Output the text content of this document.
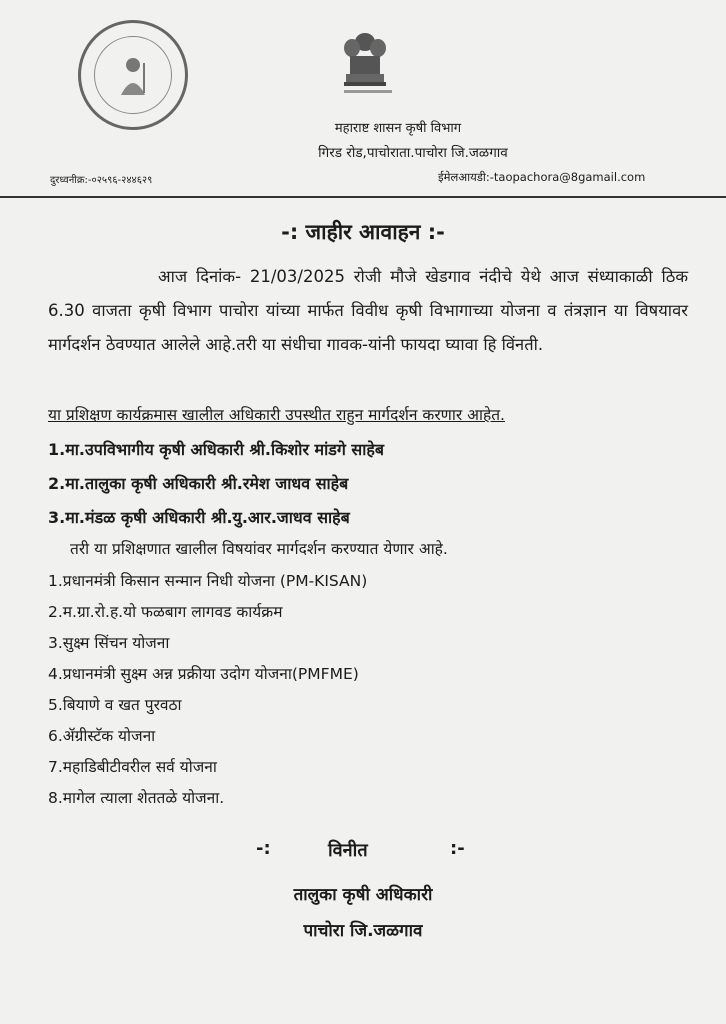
महाराष्ट शासन कृषी विभाग
गिरड रोड,पाचोराता.पाचोरा जि.जळगाव
दुरध्वनीक्र:-०२५९६-२४४६२९	ईमेलआयडी:-taopachora@8gamail.com
-: जाहीर आवाहन :-
आज दिनांक- 21/03/2025 रोजी मौजे खेडगाव नंदीचे येथे आज संध्याकाळी ठिक 6.30 वाजता कृषी विभाग पाचोरा यांच्या मार्फत विवीध कृषी विभागाच्या योजना व तंत्रज्ञान या विषयावर मार्गदर्शन ठेवण्यात आलेले आहे.तरी या संधीचा गावक-यांनी फायदा घ्यावा हि विंनती.
या प्रशिक्षण कार्यक्रमास खालील अधिकारी उपस्थीत राहुन मार्गदर्शन करणार आहेत.
1.मा.उपविभागीय कृषी अधिकारी श्री.किशोर मांडगे साहेब
2.मा.तालुका कृषी अधिकारी श्री.रमेश जाधव साहेब
3.मा.मंडळ कृषी अधिकारी श्री.यु.आर.जाधव साहेब
तरी या प्रशिक्षणात खालील विषयांवर मार्गदर्शन करण्यात येणार आहे.
1.प्रधानमंत्री किसान सन्मान निधी योजना (PM-KISAN)
2.म.ग्रा.रो.ह.यो फळबाग लागवड कार्यक्रम
3.सुक्ष्म सिंचन योजना
4.प्रधानमंत्री सुक्ष्म अन्न प्रक्रीया उदोग योजना(PMFME)
5.बियाणे व खत पुरवठा
6.ॲग्रीस्टॅक योजना
7.महाडिबीटीवरील सर्व योजना
8.मागेल त्याला शेततळे योजना.
-:	विनीत	:-
तालुका कृषी अधिकारी
पाचोरा जि.जळगाव
